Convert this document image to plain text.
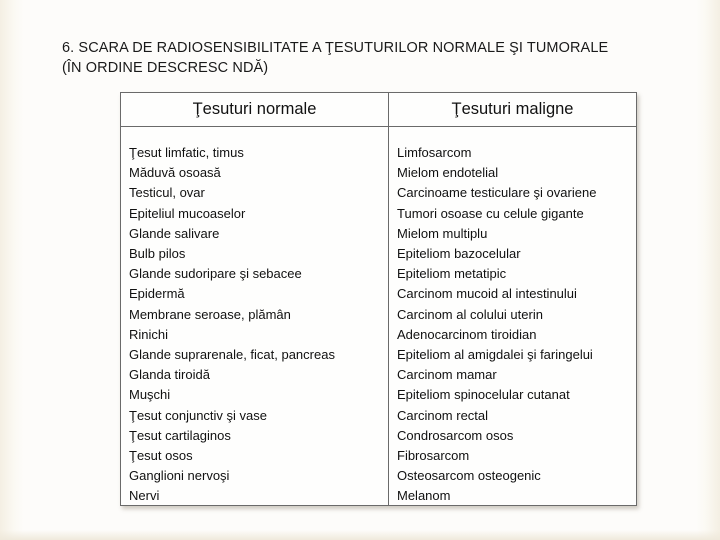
6. SCARA DE RADIOSENSIBILITATE A ŢESUTURILOR NORMALE ŞI TUMORALE
(ÎN ORDINE DESCRESC NDĂ)
Ţesuturi normale
Ţesut limfatic, timus
Măduvă osoasă
Testicul, ovar
Epiteliul mucoaselor
Glande salivare
Bulb pilos
Glande sudoripare şi sebacee
Epidermă
Membrane seroase, plămân
Rinichi
Glande suprarenale, ficat, pancreas
Glanda tiroidă
Muşchi
Ţesut conjunctiv şi vase
Ţesut cartilaginos
Ţesut osos
Ganglioni nervoşi
Nervi
Ţesuturi maligne
Limfosarcom
Mielom endotelial
Carcinoame testiculare şi ovariene
Tumori osoase cu celule gigante
Mielom multiplu
Epiteliom bazocelular
Epiteliom metatipic
Carcinom mucoid al intestinului
Carcinom al colului uterin
Adenocarcinom tiroidian
Epiteliom al amigdalei şi faringelui
Carcinom mamar
Epiteliom spinocelular cutanat
Carcinom rectal
Condrosarcom osos
Fibrosarcom
Osteosarcom osteogenic
Melanom
